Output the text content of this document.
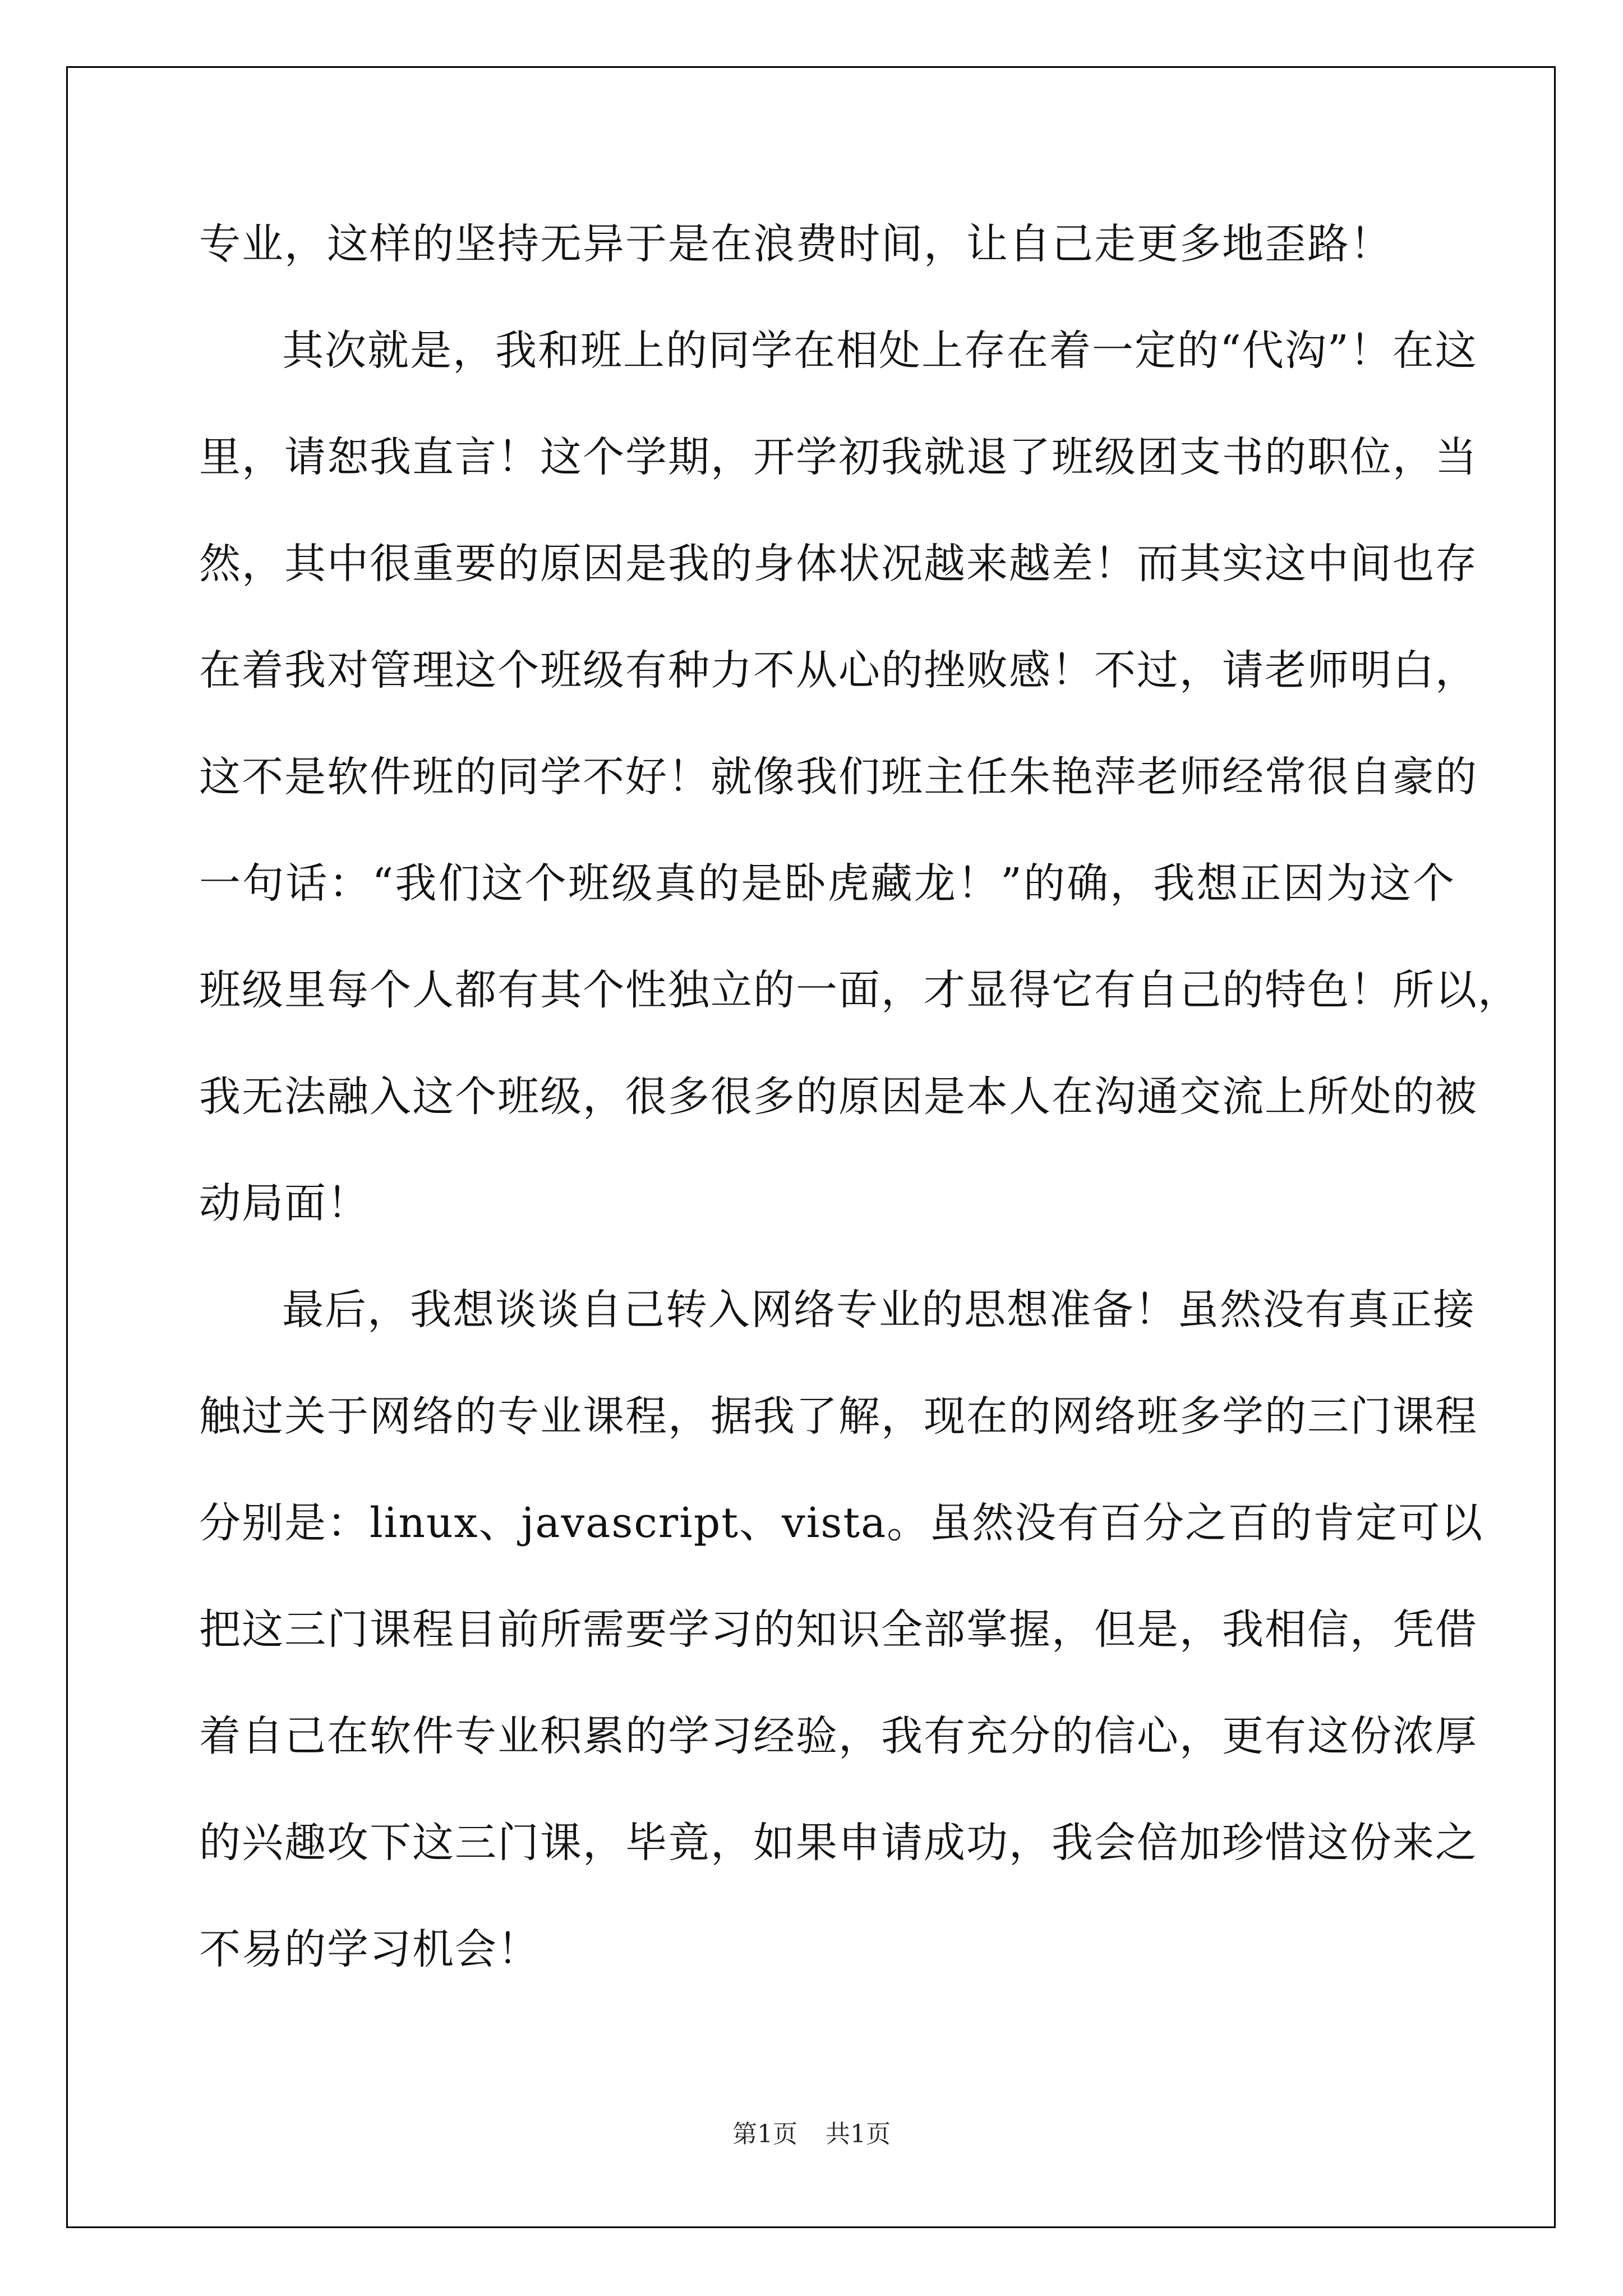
专业，这样的坚持无异于是在浪费时间，让自己走更多地歪路！
其次就是，我和班上的同学在相处上存在着一定的“代沟”！在这
里，请恕我直言！这个学期，开学初我就退了班级团支书的职位，当
然，其中很重要的原因是我的身体状况越来越差！而其实这中间也存
在着我对管理这个班级有种力不从心的挫败感！不过，请老师明白，
这不是软件班的同学不好！就像我们班主任朱艳萍老师经常很自豪的
一句话：“我们这个班级真的是卧虎藏龙！”的确，我想正因为这个
班级里每个人都有其个性独立的一面，才显得它有自己的特色！所以，
我无法融入这个班级，很多很多的原因是本人在沟通交流上所处的被
动局面！
最后，我想谈谈自己转入网络专业的思想准备！虽然没有真正接
触过关于网络的专业课程，据我了解，现在的网络班多学的三门课程
分别是：linux、javascript、vista。虽然没有百分之百的肯定可以
把这三门课程目前所需要学习的知识全部掌握，但是，我相信，凭借
着自己在软件专业积累的学习经验，我有充分的信心，更有这份浓厚
的兴趣攻下这三门课，毕竟，如果申请成功，我会倍加珍惜这份来之
不易的学习机会！
第1页 共1页
